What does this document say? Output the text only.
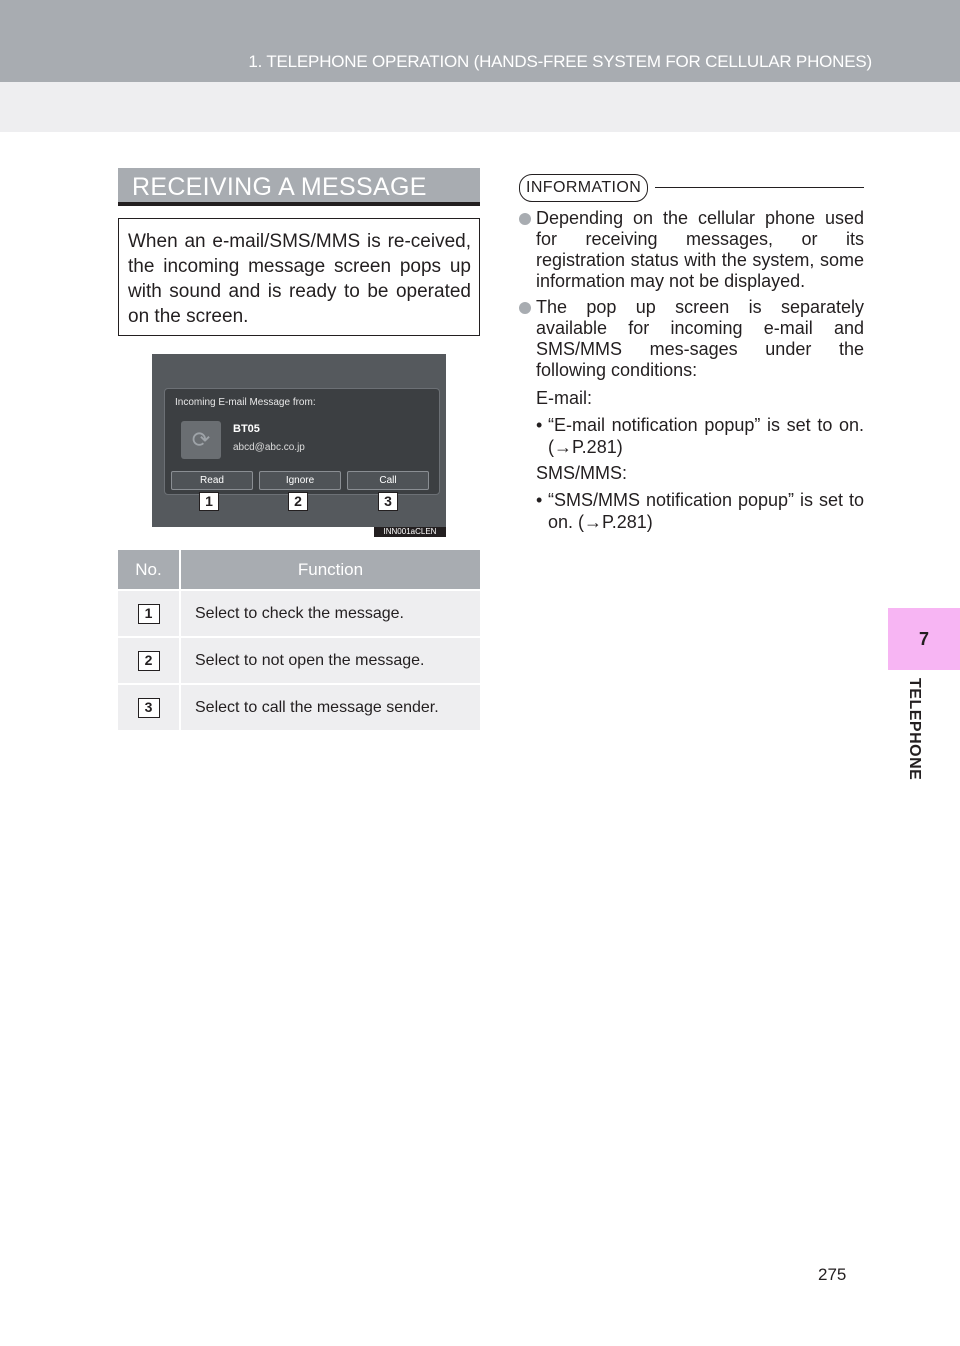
1. TELEPHONE OPERATION (HANDS-FREE SYSTEM FOR CELLULAR PHONES)
7
TELEPHONE
RECEIVING A MESSAGE
When an e-mail/SMS/MMS is re-ceived, the incoming message screen pops up with sound and is ready to be operated on the screen.
Incoming E-mail Message from:
⟳	BT05
abcd@abc.co.jp
Read	Ignore	Call
1	2	3
INN001aCLEN
No.	Function
1	Select to check the message.
2	Select to not open the message.
3	Select to call the message sender.
INFORMATION
Depending on the cellular phone used for receiving messages, or its registration status with the system, some information may not be displayed.
The pop up screen is separately available for incoming e-mail and SMS/MMS mes-sages under the following conditions:
E-mail:
• “E-mail notification popup” is set to on. (→P.281)
SMS/MMS:
• “SMS/MMS notification popup” is set to on. (→P.281)
275
